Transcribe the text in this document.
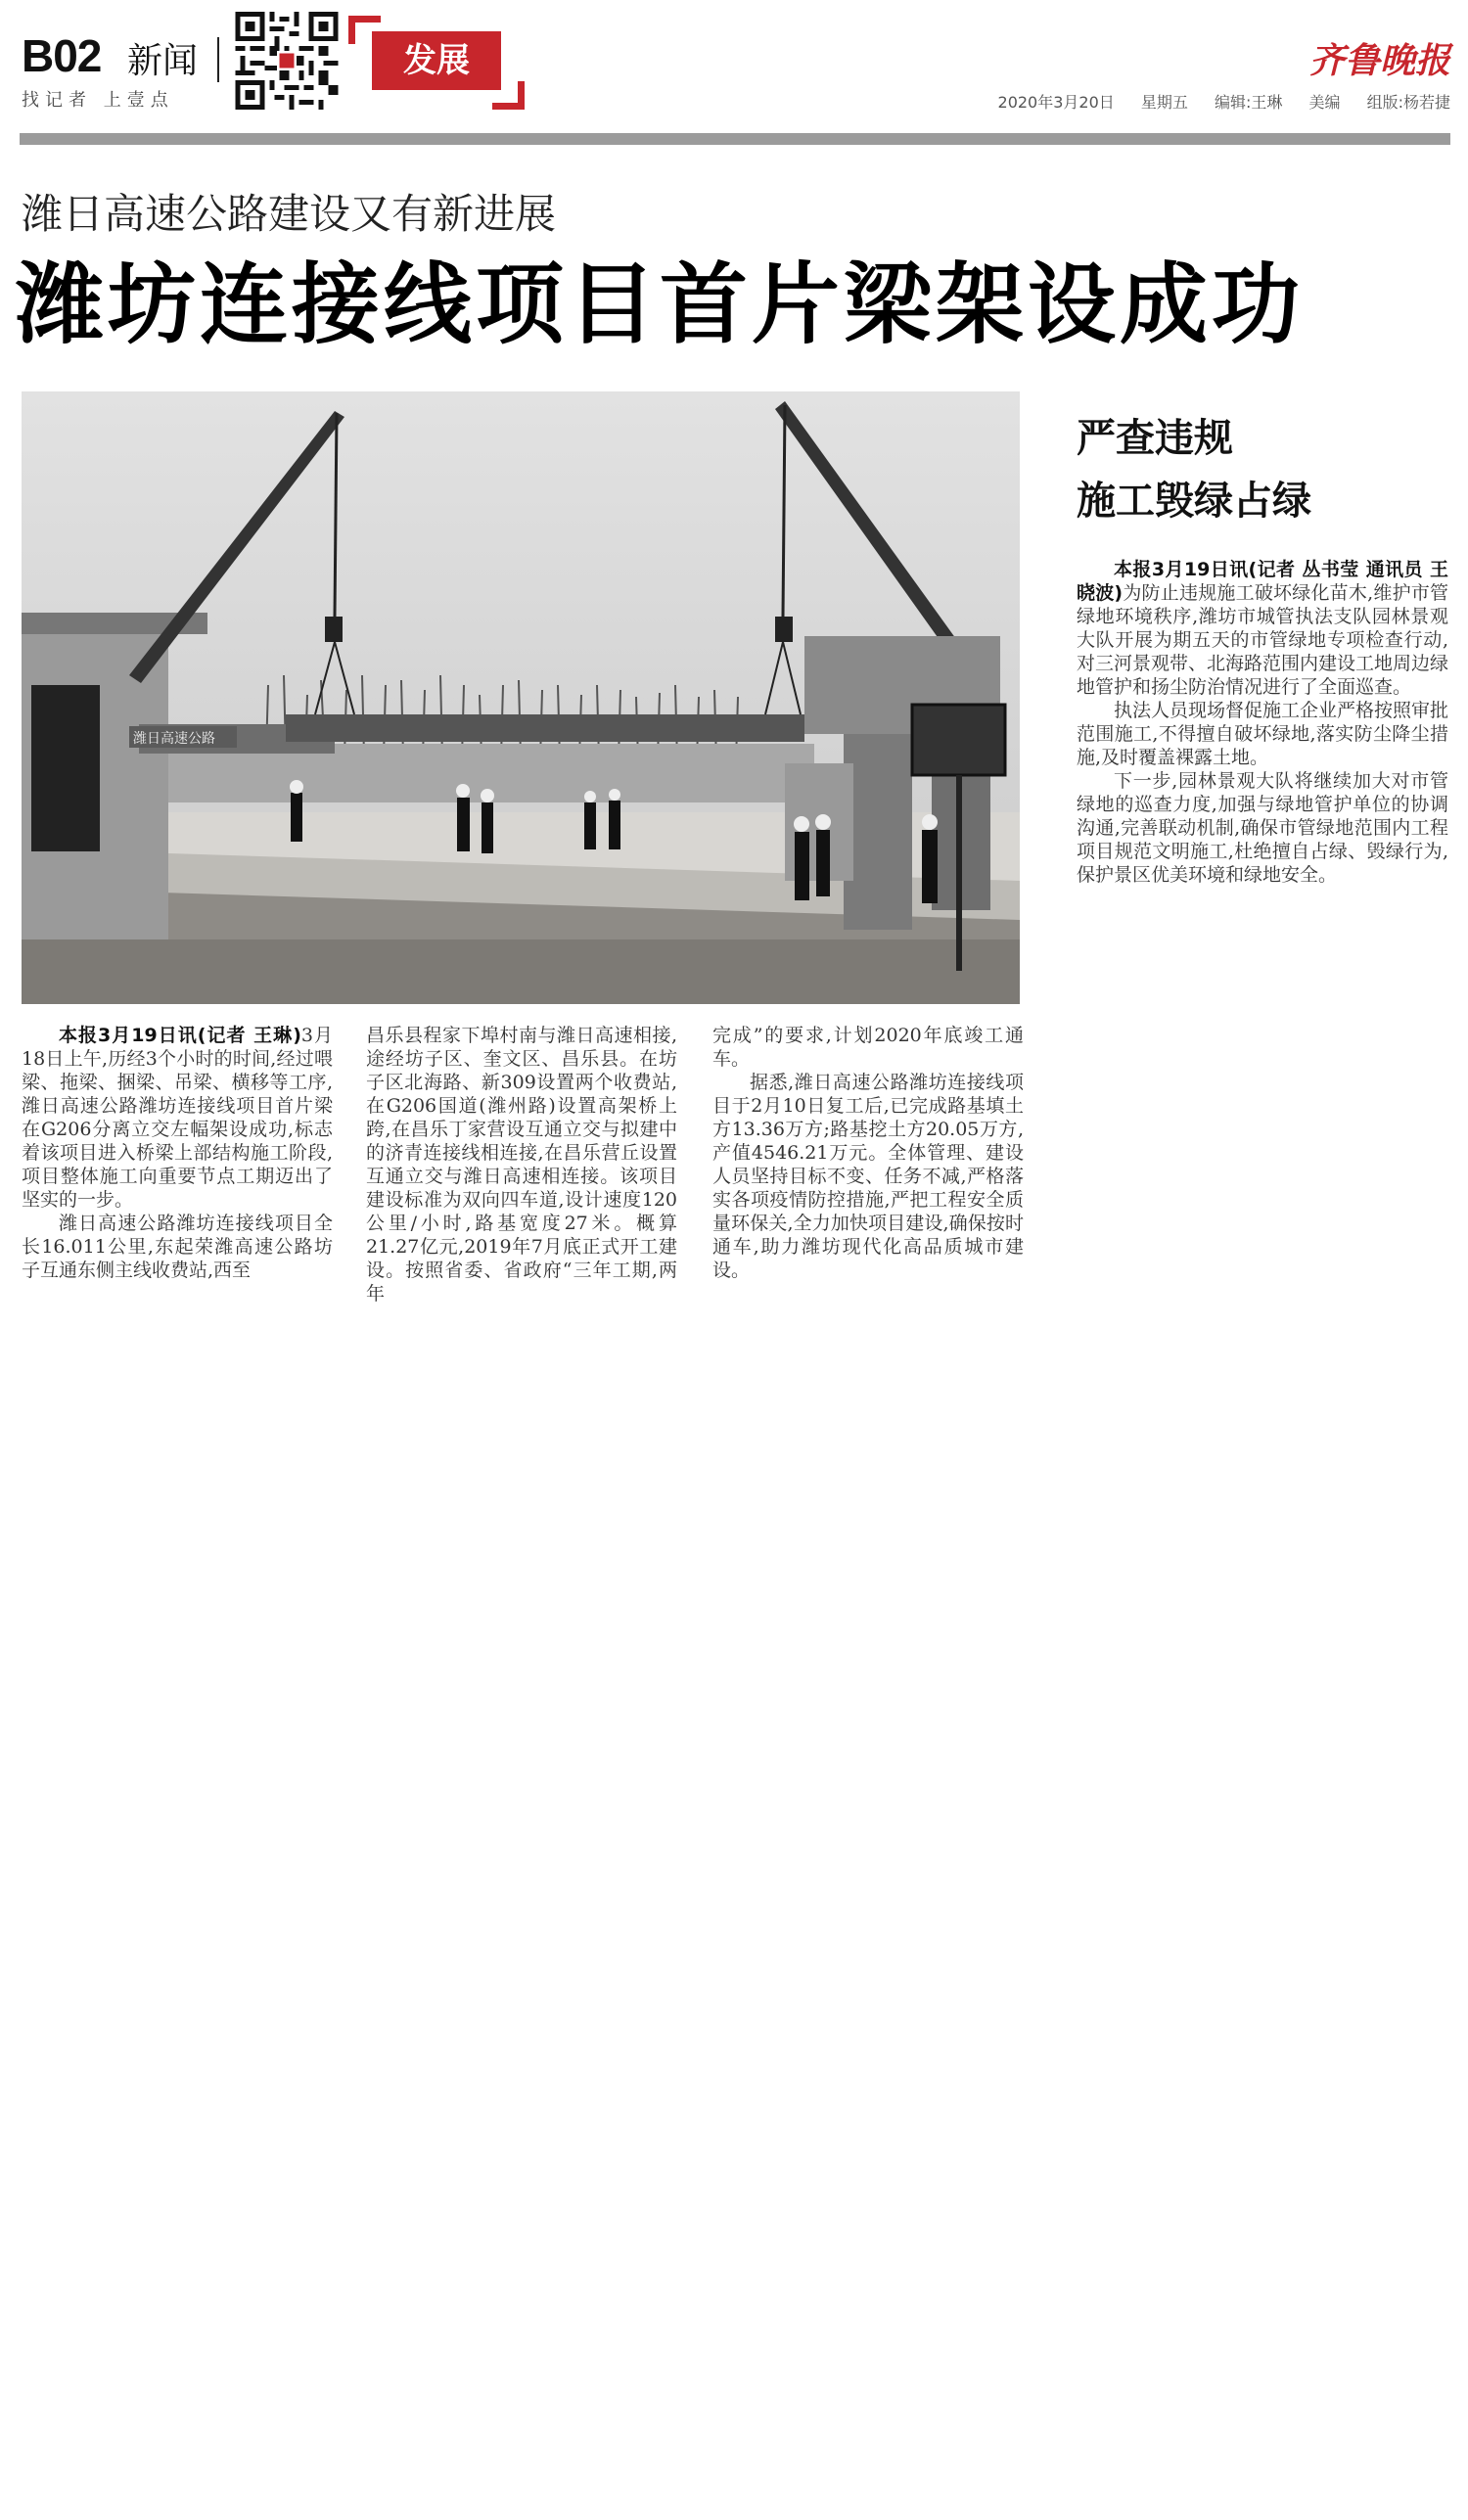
B02 新闻
找记者 上壹点
发展	齐鲁晚报
2020年3月20日 星期五 编辑:王琳 美编 组版:杨若捷
潍日高速公路建设又有新进展
潍坊连接线项目首片梁架设成功
潍日高速公路
严查违规
施工毁绿占绿

本报3月19日讯(记者 丛书莹 通讯员 王晓波)为防止违规施工破坏绿化苗木,维护市管绿地环境秩序,潍坊市城管执法支队园林景观大队开展为期五天的市管绿地专项检查行动,对三河景观带、北海路范围内建设工地周边绿地管护和扬尘防治情况进行了全面巡查。

执法人员现场督促施工企业严格按照审批范围施工,不得擅自破坏绿地,落实防尘降尘措施,及时覆盖裸露土地。

下一步,园林景观大队将继续加大对市管绿地的巡查力度,加强与绿地管护单位的协调沟通,完善联动机制,确保市管绿地范围内工程项目规范文明施工,杜绝擅自占绿、毁绿行为,保护景区优美环境和绿地安全。

本报3月19日讯(记者 王琳)3月18日上午,历经3个小时的时间,经过喂梁、拖梁、捆梁、吊梁、横移等工序,潍日高速公路潍坊连接线项目首片梁在G206分离立交左幅架设成功,标志着该项目进入桥梁上部结构施工阶段,项目整体施工向重要节点工期迈出了坚实的一步。

潍日高速公路潍坊连接线项目全长16.011公里,东起荣潍高速公路坊子互通东侧主线收费站,西至

昌乐县程家下埠村南与潍日高速相接,途经坊子区、奎文区、昌乐县。在坊子区北海路、新309设置两个收费站,在G206国道(潍州路)设置高架桥上跨,在昌乐丁家营设互通立交与拟建中的济青连接线相连接,在昌乐营丘设置互通立交与潍日高速相连接。该项目建设标准为双向四车道,设计速度120公里/小时,路基宽度27米。概算21.27亿元,2019年7月底正式开工建设。按照省委、省政府“三年工期,两年

完成”的要求,计划2020年底竣工通车。

据悉,潍日高速公路潍坊连接线项目于2月10日复工后,已完成路基填土方13.36万方;路基挖土方20.05万方,产值4546.21万元。全体管理、建设人员坚持目标不变、任务不减,严格落实各项疫情防控措施,严把工程安全质量环保关,全力加快项目建设,确保按时通车,助力潍坊现代化高品质城市建设。
